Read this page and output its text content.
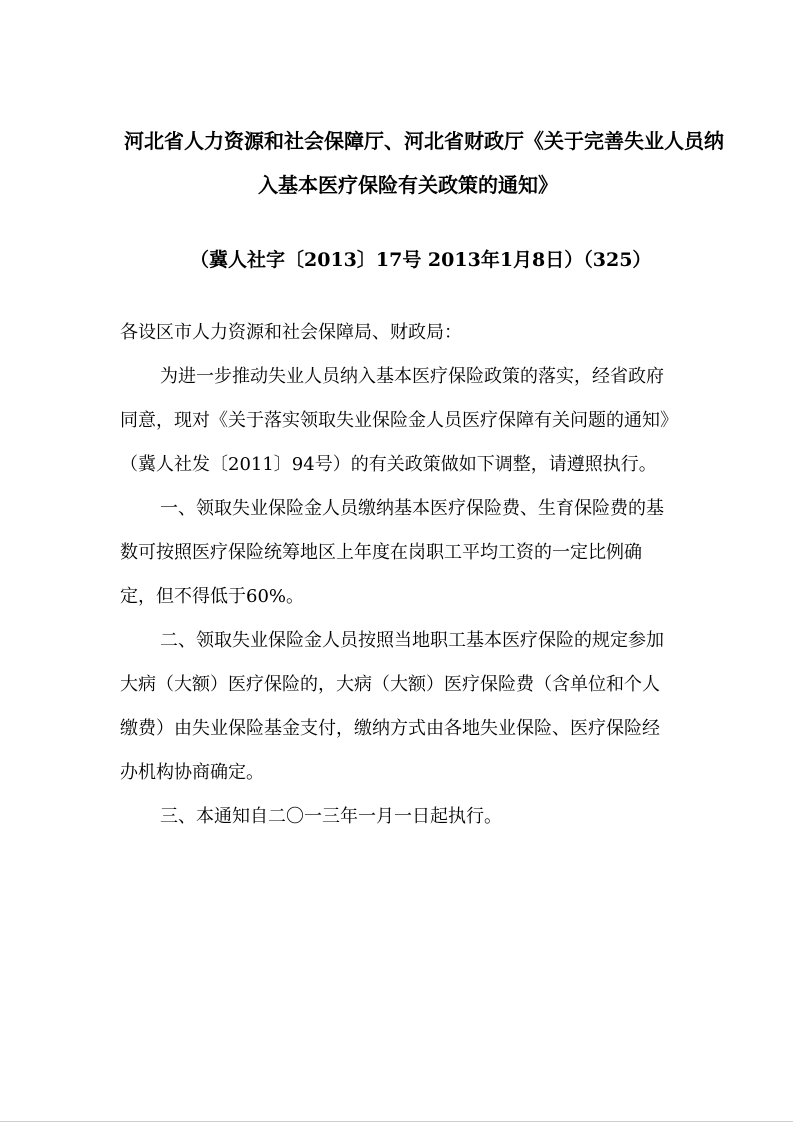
河北省人力资源和社会保障厅、河北省财政厅《关于完善失业人员纳
入基本医疗保险有关政策的通知》
（冀人社字〔2013〕17号 2013年1月8日）（325）
各设区市人力资源和社会保障局、财政局：
为进一步推动失业人员纳入基本医疗保险政策的落实，经省政府
同意，现对《关于落实领取失业保险金人员医疗保障有关问题的通知》
（冀人社发〔2011〕94号）的有关政策做如下调整，请遵照执行。
一、领取失业保险金人员缴纳基本医疗保险费、生育保险费的基
数可按照医疗保险统筹地区上年度在岗职工平均工资的一定比例确
定，但不得低于60%。
二、领取失业保险金人员按照当地职工基本医疗保险的规定参加
大病（大额）医疗保险的，大病（大额）医疗保险费（含单位和个人
缴费）由失业保险基金支付，缴纳方式由各地失业保险、医疗保险经
办机构协商确定。
三、本通知自二〇一三年一月一日起执行。
